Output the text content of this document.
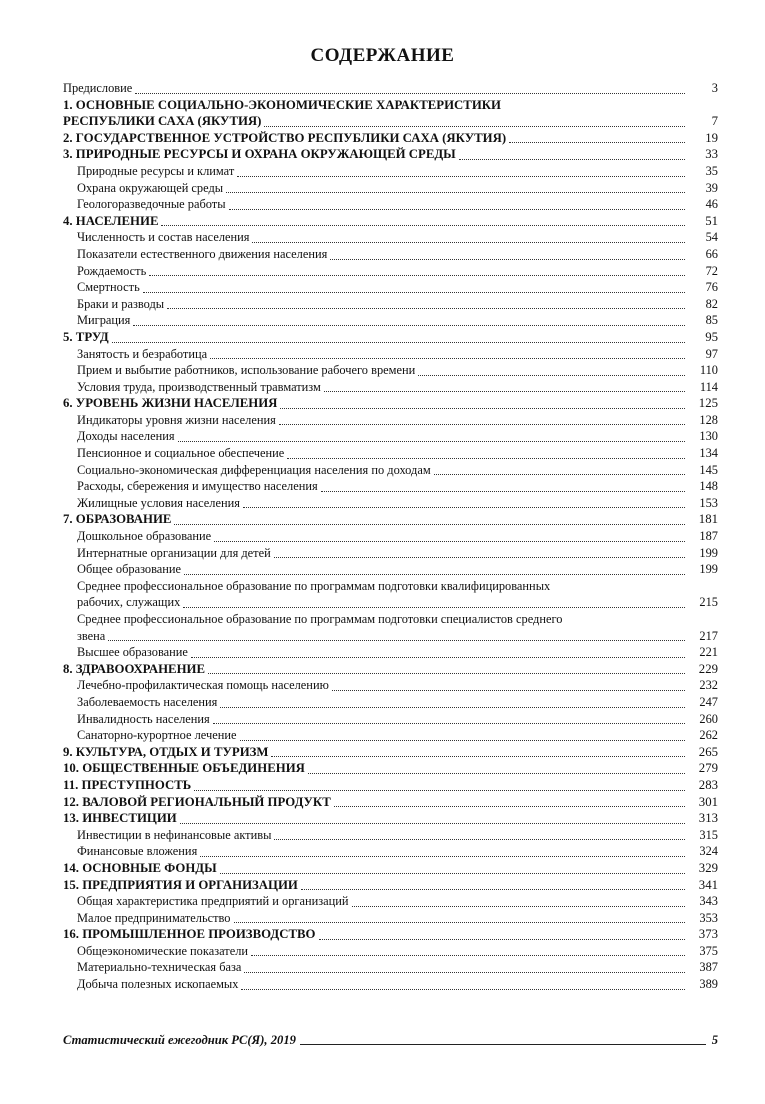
СОДЕРЖАНИЕ
Предисловие	3
1. ОСНОВНЫЕ СОЦИАЛЬНО-ЭКОНОМИЧЕСКИЕ ХАРАКТЕРИСТИКИ
РЕСПУБЛИКИ САХА (ЯКУТИЯ)	7
2. ГОСУДАРСТВЕННОЕ УСТРОЙСТВО РЕСПУБЛИКИ САХА (ЯКУТИЯ)	19
3. ПРИРОДНЫЕ РЕСУРСЫ И ОХРАНА ОКРУЖАЮЩЕЙ СРЕДЫ	33
Природные ресурсы и климат	35
Охрана окружающей среды	39
Геологоразведочные работы	46
4. НАСЕЛЕНИЕ	51
Численность и состав населения	54
Показатели естественного движения населения	66
Рождаемость	72
Смертность	76
Браки и разводы	82
Миграция	85
5. ТРУД	95
Занятость и безработица	97
Прием и выбытие работников, использование рабочего времени	110
Условия труда, производственный травматизм	114
6. УРОВЕНЬ ЖИЗНИ НАСЕЛЕНИЯ	125
Индикаторы уровня жизни населения	128
Доходы населения	130
Пенсионное и социальное обеспечение	134
Социально-экономическая дифференциация населения по доходам	145
Расходы, сбережения и имущество населения	148
Жилищные условия населения	153
7. ОБРАЗОВАНИЕ	181
Дошкольное образование	187
Интернатные организации для детей	199
Общее образование	199
Среднее профессиональное образование по программам подготовки квалифицированных
рабочих, служащих	215
Среднее профессиональное образование по программам подготовки специалистов среднего
звена	217
Высшее образование	221
8. ЗДРАВООХРАНЕНИЕ	229
Лечебно-профилактическая помощь населению	232
Заболеваемость населения	247
Инвалидность населения	260
Санаторно-курортное лечение	262
9. КУЛЬТУРА, ОТДЫХ И ТУРИЗМ	265
10. ОБЩЕСТВЕННЫЕ ОБЪЕДИНЕНИЯ	279
11. ПРЕСТУПНОСТЬ	283
12. ВАЛОВОЙ РЕГИОНАЛЬНЫЙ ПРОДУКТ	301
13. ИНВЕСТИЦИИ	313
Инвестиции в нефинансовые активы	315
Финансовые вложения	324
14. ОСНОВНЫЕ ФОНДЫ	329
15. ПРЕДПРИЯТИЯ И ОРГАНИЗАЦИИ	341
Общая характеристика предприятий и организаций	343
Малое предпринимательство	353
16. ПРОМЫШЛЕННОЕ ПРОИЗВОДСТВО	373
Общеэкономические показатели	375
Материально-техническая база	387
Добыча полезных ископаемых	389
Статистический ежегодник РС(Я), 2019	5
